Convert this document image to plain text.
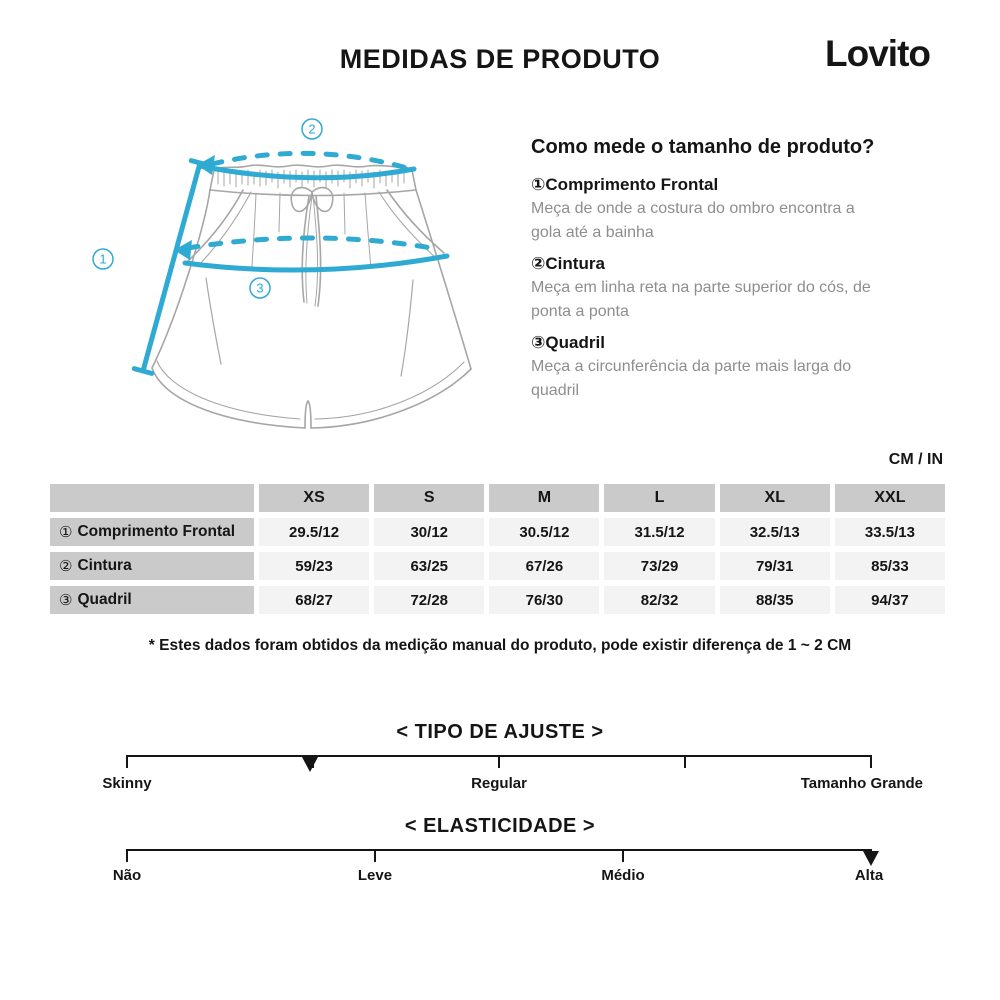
MEDIDAS DE PRODUTO	Lovito
1
2
3
Como mede o tamanho de produto?
①Comprimento Frontal
Meça de onde a costura do ombro encontra a gola até a bainha
②Cintura
Meça em linha reta na parte superior do cós, de ponta a ponta
③Quadril
Meça a circunferência da parte mais larga do quadril
CM / IN
XS	S	M	L	XL	XXL
① Comprimento Frontal	29.5/12	30/12	30.5/12	31.5/12	32.5/13	33.5/13
② Cintura	59/23	63/25	67/26	73/29	79/31	85/33
③ Quadril	68/27	72/28	76/30	82/32	88/35	94/37
* Estes dados foram obtidos da medição manual do produto, pode existir diferença de 1 ~ 2 CM
< TIPO DE AJUSTE >
Skinny	Regular	Tamanho Grande
< ELASTICIDADE >
Não	Leve	Médio	Alta
